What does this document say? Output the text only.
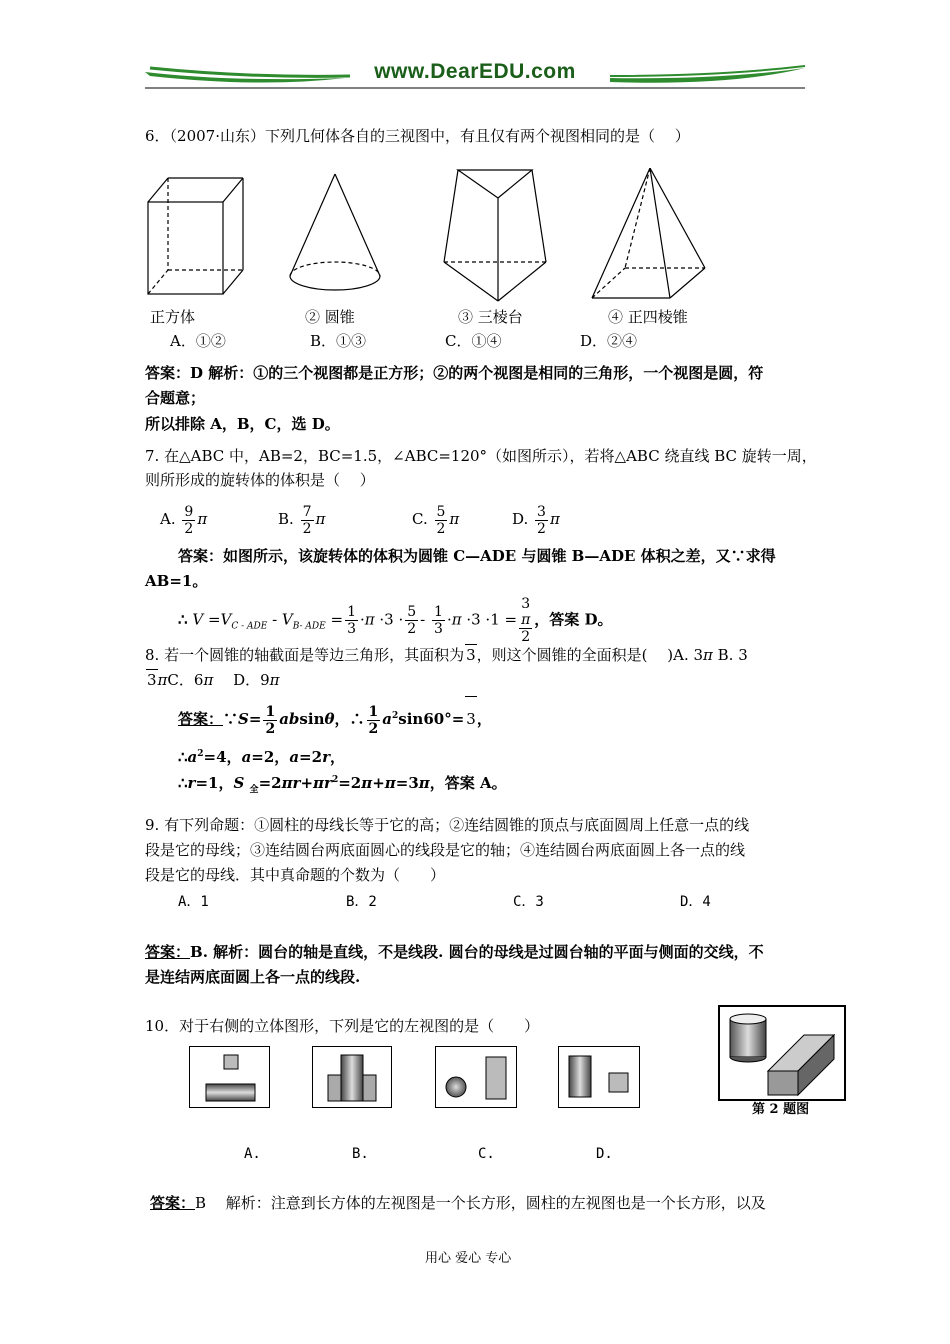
www.DearEDU.com
6．（2007·山东）下列几何体各自的三视图中，有且仅有两个视图相同的是（　 ）
正方体	② 圆锥	③ 三棱台	④ 正四棱锥
A．①②	B．①③	C．①④	D．②④
答案：D 解析：①的三个视图都是正方形；②的两个视图是相同的三角形，一个视图是圆，符
合题意；
所以排除 A，B，C，选 D。
7. 在△ABC 中，AB=2，BC=1.5，∠ABC=120°（如图所示），若将△ABC 绕直线 BC 旋转一周，
则所形成的旋转体的体积是（　 ）
A. $\frac{9}{2}$ π	B. $\frac{7}{2}$ π	C. $\frac{5}{2}$ π	D. $\frac{3}{2}$ π
答案：如图所示，该旋转体的体积为圆锥 C—ADE 与圆锥 B—ADE 体积之差，又∵求得
AB=1。
∴ $V =V_{C - ADE} - V_{B- ADE} = \frac{1}{3} \cdot\pi \cdot 3 \cdot \frac{5}{2} - \frac{1}{3} \cdot\pi \cdot 3 \cdot 1 = 3$
π
2 ，答案 D。
8. 若一个圆锥的轴截面是等边三角形，其面积为 3，则这个圆锥的全面积是(　 )A. 3π B. 3
3πC．6π　 D．9π
答案：∵S= $\frac{1}{2}$ absinθ，∴ $\frac{1}{2} a^2\sin 60^\circ= 3$，
$\therefore a^2=4$，a=2，a=2r，
∴r=1，S $_全=2\pi r+\pi r^2=2\pi+\pi=3\pi$，答案 A。
9. 有下列命题：①圆柱的母线长等于它的高；②连结圆锥的顶点与底面圆周上任意一点的线
段是它的母线；③连结圆台两底面圆心的线段是它的轴；④连结圆台两底面圆上各一点的线
段是它的母线．其中真命题的个数为（　　）
A．1	B．2	C．3	D．4
答案：B. 解析：圆台的轴是直线，不是线段. 圆台的母线是过圆台轴的平面与侧面的交线，不
是连结两底面圆上各一点的线段.
10．对于右侧的立体图形，下列是它的左视图的是（　　）
第 2 题图
A.	B.	C.	D.
答案：B　 解析：注意到长方体的左视图是一个长方形，圆柱的左视图也是一个长方形，以及
用心 爱心 专心
